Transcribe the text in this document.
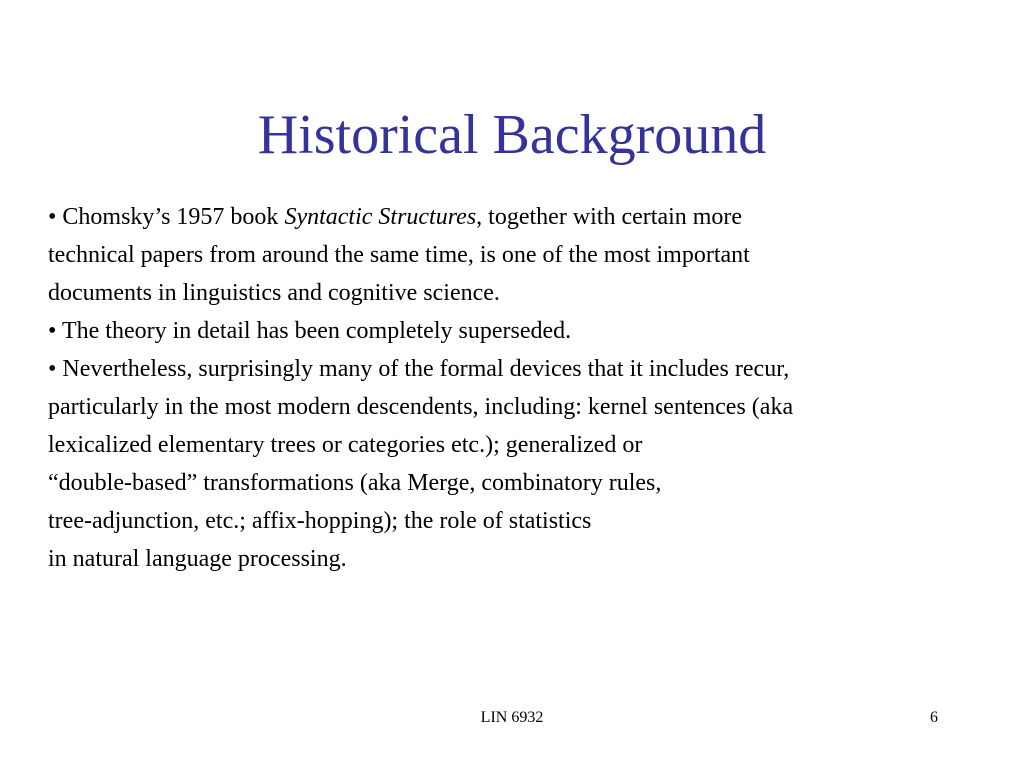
Historical Background
• Chomsky’s 1957 book Syntactic Structures, together with certain more
technical papers from around the same time, is one of the most important
documents in linguistics and cognitive science.
• The theory in detail has been completely superseded.
• Nevertheless, surprisingly many of the formal devices that it includes recur,
particularly in the most modern descendents, including: kernel sentences (aka
lexicalized elementary trees or categories etc.); generalized or
“double-based” transformations (aka Merge, combinatory rules,
tree-adjunction, etc.; affix-hopping); the role of statistics
in natural language processing.
LIN 6932	6
